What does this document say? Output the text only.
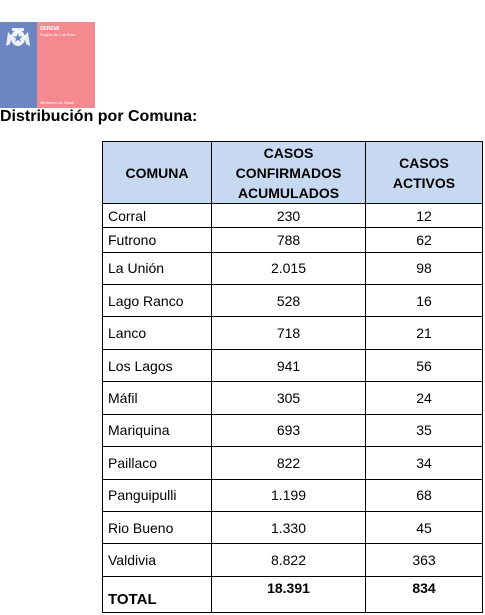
SEREMI
Región de Los Ríos
Ministerio de Salud
Distribución por Comuna:
COMUNA	CASOS CONFIRMADOS ACUMULADOS	CASOS ACTIVOS
Corral	230	12
Futrono	788	62
La Unión	2.015	98
Lago Ranco	528	16
Lanco	718	21
Los Lagos	941	56
Máfil	305	24
Mariquina	693	35
Paillaco	822	34
Panguipulli	1.199	68
Rio Bueno	1.330	45
Valdivia	8.822	363
TOTAL	18.391	834
